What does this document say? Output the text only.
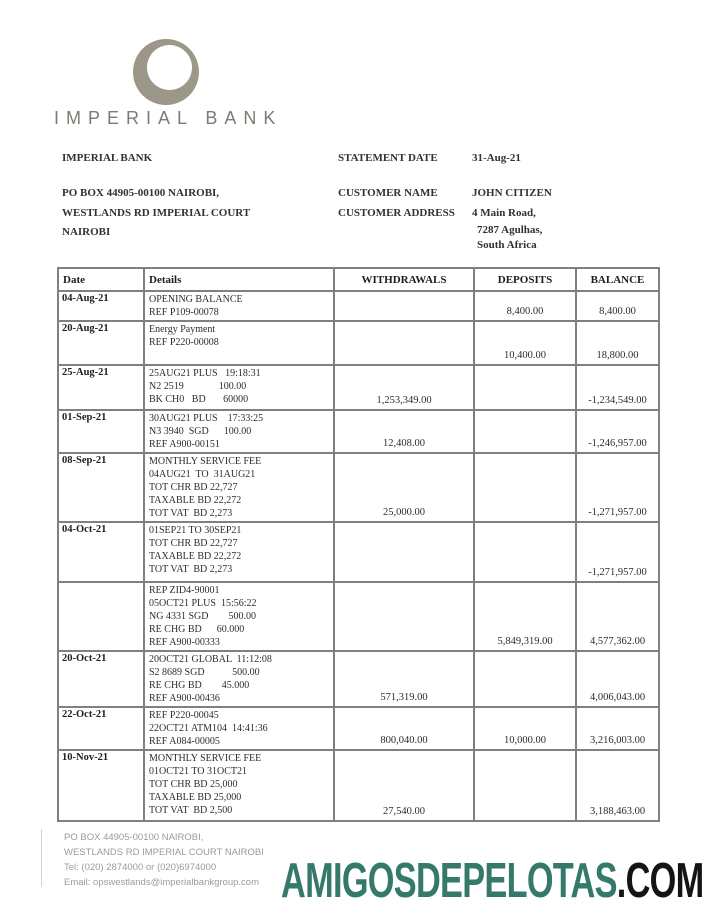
IMPERIAL BANK
IMPERIAL BANK
PO BOX 44905-00100 NAIROBI,
WESTLANDS RD IMPERIAL COURT
NAIROBI
STATEMENT DATE	31-Aug-21
CUSTOMER NAME	JOHN CITIZEN
CUSTOMER ADDRESS 4 Main Road,
7287 Agulhas,
South Africa
Date	Details	WITHDRAWALS	DEPOSITS	BALANCE
04-Aug-21	OPENING BALANCE
REF P109-00078		8,400.00	8,400.00
20-Aug-21	Energy Payment
REF P220-00008		10,400.00	18,800.00
25-Aug-21	25AUG21 PLUS   19:18:31
N2 2519              100.00
BK CH0   BD       60000	1,253,349.00		-1,234,549.00
01-Sep-21	30AUG21 PLUS    17:33:25
N3 3940  SGD      100.00
REF A900-00151	12,408.00		-1,246,957.00
08-Sep-21	MONTHLY SERVICE FEE
04AUG21  TO  31AUG21
TOT CHR BD 22,727
TAXABLE BD 22,272
TOT VAT  BD 2,273	25,000.00		-1,271,957.00
04-Oct-21	01SEP21 TO 30SEP21
TOT CHR BD 22,727
TAXABLE BD 22,272
TOT VAT  BD 2,273			-1,271,957.00

	REP ZID4-90001
05OCT21 PLUS  15:56:22
NG 4331 SGD        500.00
RE CHG BD      60.000
REF A900-00333		5,849,319.00	4,577,362.00
20-Oct-21	20OCT21 GLOBAL  11:12:08
S2 8689 SGD           500.00
RE CHG BD        45.000
REF A900-00436	571,319.00		4,006,043.00
22-Oct-21	REF P220-00045
22OCT21 ATM104  14:41:36
REF A084-00005	800,040.00	10,000.00	3,216,003.00
10-Nov-21	MONTHLY SERVICE FEE
01OCT21 TO 31OCT21
TOT CHR BD 25,000
TAXABLE BD 25,000
TOT VAT  BD 2,500	27,540.00		3,188,463.00
PO BOX 44905-00100 NAIROBI,
WESTLANDS RD IMPERIAL COURT NAIROBI
Tel: (020) 2874000 or (020)6974000
Email: opswestlands@imperialbankgroup.com AMIGOSDEPELOTAS.COM
